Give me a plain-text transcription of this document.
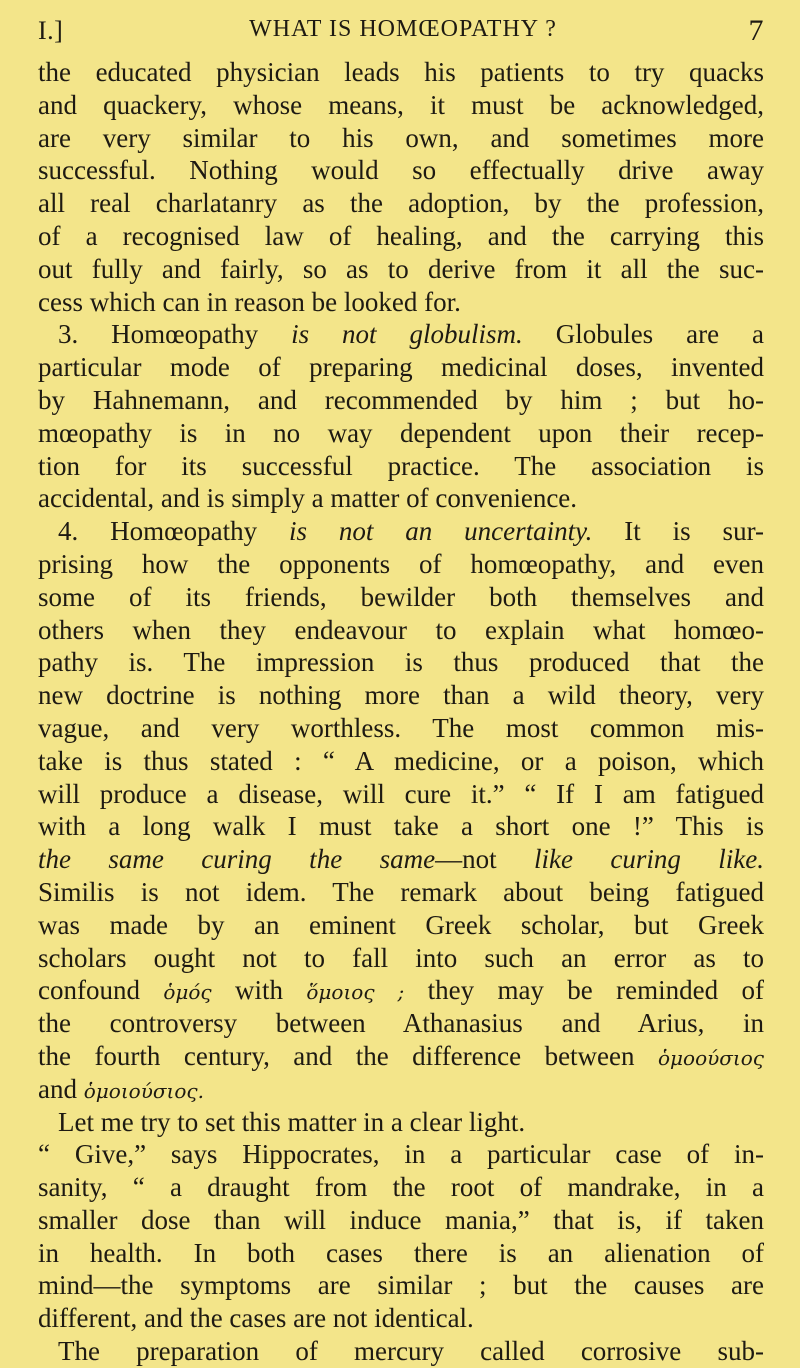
I.]	WHAT IS HOMŒOPATHY ?	7
the educated physician leads his patients to try quacks
and quackery, whose means, it must be acknowledged,
are very similar to his own, and sometimes more
successful. Nothing would so effectually drive away
all real charlatanry as the adoption, by the profession,
of a recognised law of healing, and the carrying this
out fully and fairly, so as to derive from it all the suc-
cess which can in reason be looked for.
3. Homœopathy is not globulism. Globules are a
particular mode of preparing medicinal doses, invented
by Hahnemann, and recommended by him ; but ho-
mœopathy is in no way dependent upon their recep-
tion for its successful practice. The association is
accidental, and is simply a matter of convenience.
4. Homœopathy is not an uncertainty. It is sur-
prising how the opponents of homœopathy, and even
some of its friends, bewilder both themselves and
others when they endeavour to explain what homœo-
pathy is. The impression is thus produced that the
new doctrine is nothing more than a wild theory, very
vague, and very worthless. The most common mis-
take is thus stated : “ A medicine, or a poison, which
will produce a disease, will cure it.” “ If I am fatigued
with a long walk I must take a short one !” This is
the same curing the same—not like curing like.
Similis is not idem. The remark about being fatigued
was made by an eminent Greek scholar, but Greek
scholars ought not to fall into such an error as to
confound ὁμός with ὅμοιος ; they may be reminded of
the controversy between Athanasius and Arius, in
the fourth century, and the difference between ὁμοούσιος
and ὁμοιούσιος.
Let me try to set this matter in a clear light.
“ Give,” says Hippocrates, in a particular case of in-
sanity, “ a draught from the root of mandrake, in a
smaller dose than will induce mania,” that is, if taken
in health. In both cases there is an alienation of
mind—the symptoms are similar ; but the causes are
different, and the cases are not identical.
The preparation of mercury called corrosive sub-
